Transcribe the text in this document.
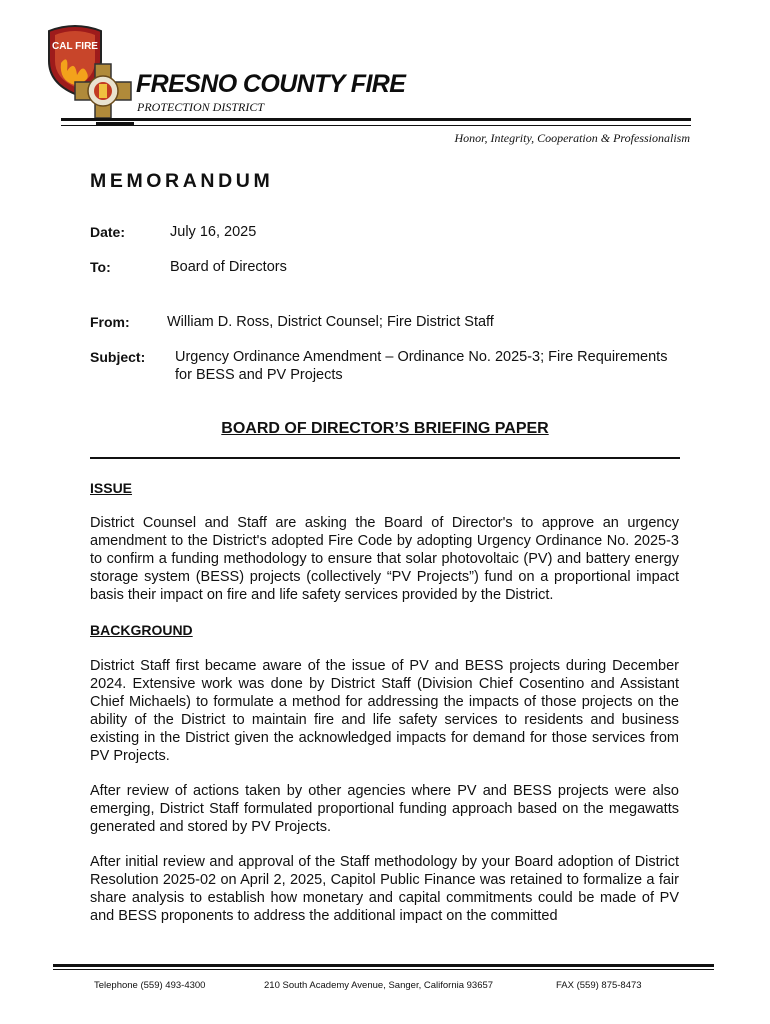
CAL FIRE
FRESNO COUNTY FIRE
PROTECTION DISTRICT
Honor, Integrity, Cooperation & Professionalism
MEMORANDUM
Date:	July 16, 2025
To:	Board of Directors
From:	William D. Ross, District Counsel; Fire District Staff
Subject: Urgency Ordinance Amendment – Ordinance No. 2025-3; Fire Requirements
for BESS and PV Projects
BOARD OF DIRECTOR’S BRIEFING PAPER
ISSUE
District Counsel and Staff are asking the Board of Director's to approve an urgency amendment to the District's adopted Fire Code by adopting Urgency Ordinance No. 2025-3 to confirm a funding methodology to ensure that solar photovoltaic (PV) and battery energy storage system (BESS) projects (collectively “PV Projects”) fund on a proportional impact basis their impact on fire and life safety services provided by the District.
BACKGROUND
District Staff first became aware of the issue of PV and BESS projects during December 2024. Extensive work was done by District Staff (Division Chief Cosentino and Assistant Chief Michaels) to formulate a method for addressing the impacts of those projects on the ability of the District to maintain fire and life safety services to residents and business existing in the District given the acknowledged impacts for demand for those services from PV Projects.
After review of actions taken by other agencies where PV and BESS projects were also emerging, District Staff formulated proportional funding approach based on the megawatts generated and stored by PV Projects.
After initial review and approval of the Staff methodology by your Board adoption of District Resolution 2025-02 on April 2, 2025, Capitol Public Finance was retained to formalize a fair share analysis to establish how monetary and capital commitments could be made of PV and BESS proponents to address the additional impact on the committed
Telephone (559) 493-4300	210 South Academy Avenue, Sanger, California 93657	FAX (559) 875-8473
